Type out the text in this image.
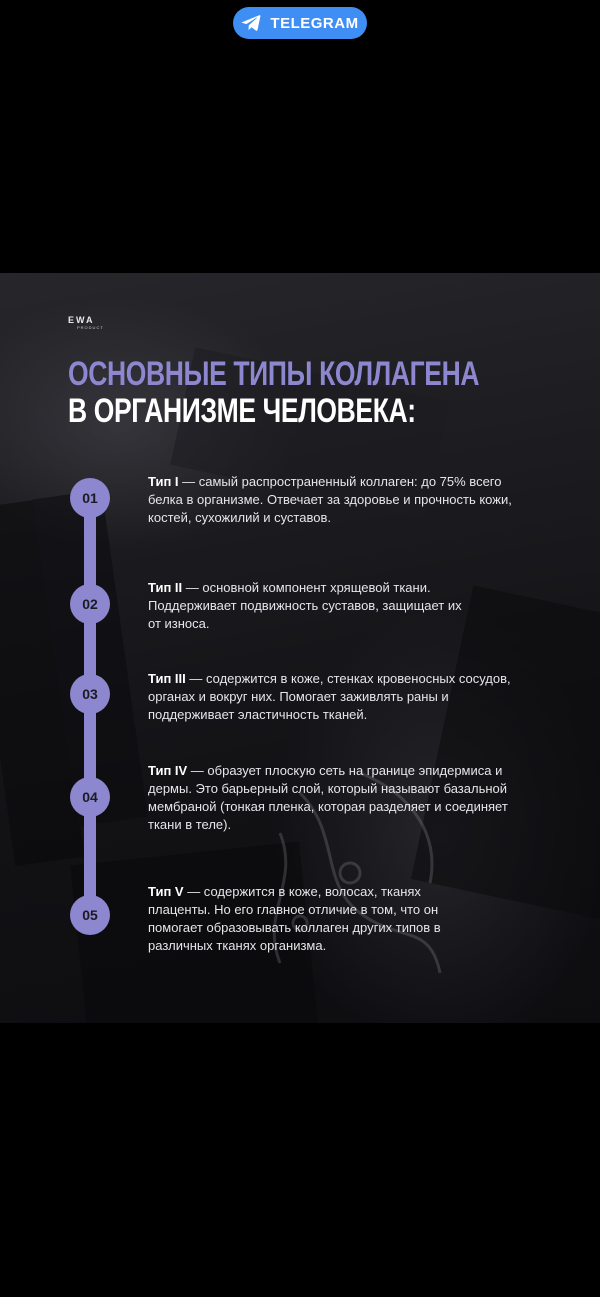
TELEGRAM
EWA
PRODUCT
ОСНОВНЫЕ ТИПЫ КОЛЛАГЕНА
В ОРГАНИЗМЕ ЧЕЛОВЕКА:
01
02
03
04
05

Тип I — самый распространенный коллаген: до 75% всего белка в организме. Отвечает за здоровье и прочность кожи, костей, сухожилий и суставов.

Тип II — основной компонент хрящевой ткани. Поддерживает подвижность суставов, защищает их от износа.

Тип III — содержится в коже, стенках кровеносных сосудов, органах и вокруг них. Помогает заживлять раны и поддерживает эластичность тканей.

Тип IV — образует плоскую сеть на границе эпидермиса и дермы. Это барьерный слой, который называют базальной мембраной (тонкая пленка, которая разделяет и соединяет ткани в теле).

Тип V — содержится в коже, волосах, тканях плаценты. Но его главное отличие в том, что он помогает образовывать коллаген других типов в различных тканях организма.
